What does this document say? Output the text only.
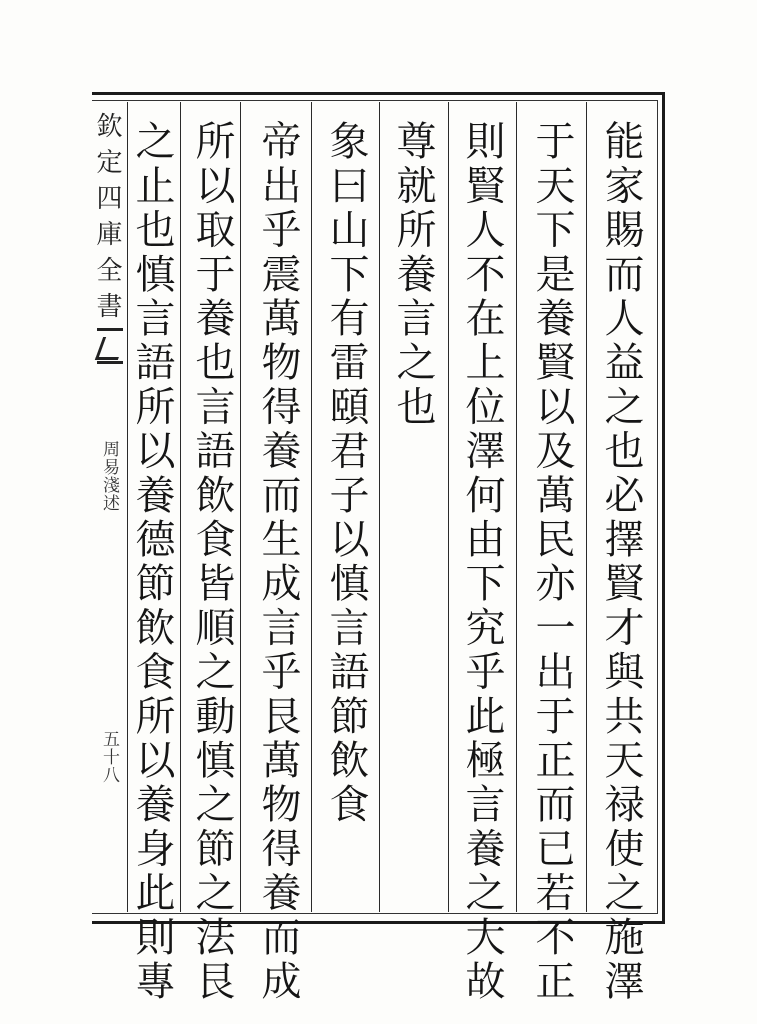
欽定四庫全書
周易淺述
五十八	能家賜而人益之也必擇賢才與共天禄使之施澤
于天下是養賢以及萬民亦一出于正而已若不正
則賢人不在上位澤何由下究乎此極言養之大故
尊就所養言之也
象曰山下有雷頤君子以慎言語節飲食
帝出乎震萬物得養而生成言乎艮萬物得養而成
所以取于養也言語飲食皆順之動慎之節之法艮
之止也慎言語所以養德節飲食所以養身此則專
